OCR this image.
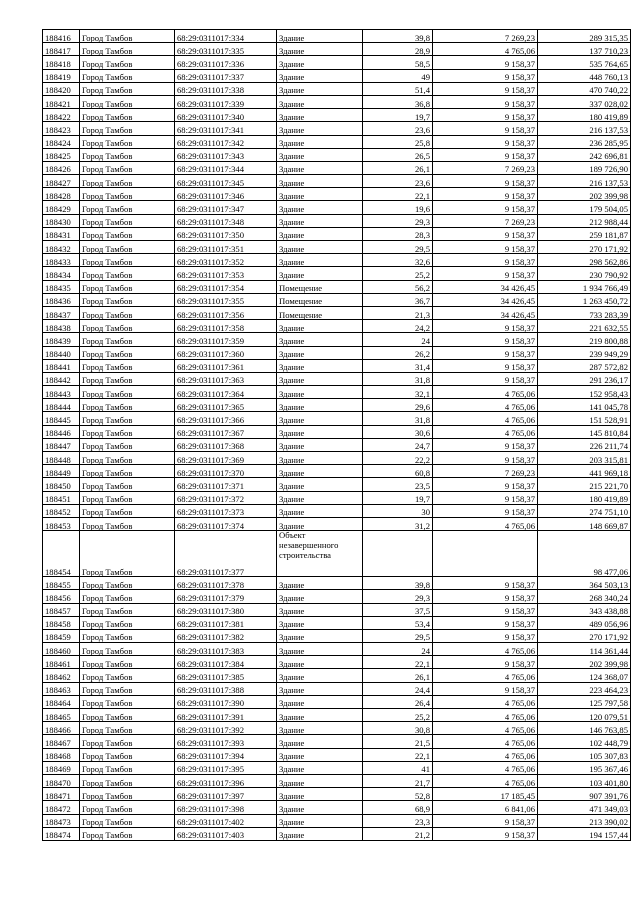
188416	Город Тамбов	68:29:0311017:334	Здание	39,8	7 269,23	289 315,35
188417	Город Тамбов	68:29:0311017:335	Здание	28,9	4 765,06	137 710,23
188418	Город Тамбов	68:29:0311017:336	Здание	58,5	9 158,37	535 764,65
188419	Город Тамбов	68:29:0311017:337	Здание	49	9 158,37	448 760,13
188420	Город Тамбов	68:29:0311017:338	Здание	51,4	9 158,37	470 740,22
188421	Город Тамбов	68:29:0311017:339	Здание	36,8	9 158,37	337 028,02
188422	Город Тамбов	68:29:0311017:340	Здание	19,7	9 158,37	180 419,89
188423	Город Тамбов	68:29:0311017:341	Здание	23,6	9 158,37	216 137,53
188424	Город Тамбов	68:29:0311017:342	Здание	25,8	9 158,37	236 285,95
188425	Город Тамбов	68:29:0311017:343	Здание	26,5	9 158,37	242 696,81
188426	Город Тамбов	68:29:0311017:344	Здание	26,1	7 269,23	189 726,90
188427	Город Тамбов	68:29:0311017:345	Здание	23,6	9 158,37	216 137,53
188428	Город Тамбов	68:29:0311017:346	Здание	22,1	9 158,37	202 399,98
188429	Город Тамбов	68:29:0311017:347	Здание	19,6	9 158,37	179 504,05
188430	Город Тамбов	68:29:0311017:348	Здание	29,3	7 269,23	212 988,44
188431	Город Тамбов	68:29:0311017:350	Здание	28,3	9 158,37	259 181,87
188432	Город Тамбов	68:29:0311017:351	Здание	29,5	9 158,37	270 171,92
188433	Город Тамбов	68:29:0311017:352	Здание	32,6	9 158,37	298 562,86
188434	Город Тамбов	68:29:0311017:353	Здание	25,2	9 158,37	230 790,92
188435	Город Тамбов	68:29:0311017:354	Помещение	56,2	34 426,45	1 934 766,49
188436	Город Тамбов	68:29:0311017:355	Помещение	36,7	34 426,45	1 263 450,72
188437	Город Тамбов	68:29:0311017:356	Помещение	21,3	34 426,45	733 283,39
188438	Город Тамбов	68:29:0311017:358	Здание	24,2	9 158,37	221 632,55
188439	Город Тамбов	68:29:0311017:359	Здание	24	9 158,37	219 800,88
188440	Город Тамбов	68:29:0311017:360	Здание	26,2	9 158,37	239 949,29
188441	Город Тамбов	68:29:0311017:361	Здание	31,4	9 158,37	287 572,82
188442	Город Тамбов	68:29:0311017:363	Здание	31,8	9 158,37	291 236,17
188443	Город Тамбов	68:29:0311017:364	Здание	32,1	4 765,06	152 958,43
188444	Город Тамбов	68:29:0311017:365	Здание	29,6	4 765,06	141 045,78
188445	Город Тамбов	68:29:0311017:366	Здание	31,8	4 765,06	151 528,91
188446	Город Тамбов	68:29:0311017:367	Здание	30,6	4 765,06	145 810,84
188447	Город Тамбов	68:29:0311017:368	Здание	24,7	9 158,37	226 211,74
188448	Город Тамбов	68:29:0311017:369	Здание	22,2	9 158,37	203 315,81
188449	Город Тамбов	68:29:0311017:370	Здание	60,8	7 269,23	441 969,18
188450	Город Тамбов	68:29:0311017:371	Здание	23,5	9 158,37	215 221,70
188451	Город Тамбов	68:29:0311017:372	Здание	19,7	9 158,37	180 419,89
188452	Город Тамбов	68:29:0311017:373	Здание	30	9 158,37	274 751,10
188453	Город Тамбов	68:29:0311017:374	Здание	31,2	4 765,06	148 669,87
188454	Город Тамбов	68:29:0311017:377	Объект незавершенного строительства			98 477,06
188455	Город Тамбов	68:29:0311017:378	Здание	39,8	9 158,37	364 503,13
188456	Город Тамбов	68:29:0311017:379	Здание	29,3	9 158,37	268 340,24
188457	Город Тамбов	68:29:0311017:380	Здание	37,5	9 158,37	343 438,88
188458	Город Тамбов	68:29:0311017:381	Здание	53,4	9 158,37	489 056,96
188459	Город Тамбов	68:29:0311017:382	Здание	29,5	9 158,37	270 171,92
188460	Город Тамбов	68:29:0311017:383	Здание	24	4 765,06	114 361,44
188461	Город Тамбов	68:29:0311017:384	Здание	22,1	9 158,37	202 399,98
188462	Город Тамбов	68:29:0311017:385	Здание	26,1	4 765,06	124 368,07
188463	Город Тамбов	68:29:0311017:388	Здание	24,4	9 158,37	223 464,23
188464	Город Тамбов	68:29:0311017:390	Здание	26,4	4 765,06	125 797,58
188465	Город Тамбов	68:29:0311017:391	Здание	25,2	4 765,06	120 079,51
188466	Город Тамбов	68:29:0311017:392	Здание	30,8	4 765,06	146 763,85
188467	Город Тамбов	68:29:0311017:393	Здание	21,5	4 765,06	102 448,79
188468	Город Тамбов	68:29:0311017:394	Здание	22,1	4 765,06	105 307,83
188469	Город Тамбов	68:29:0311017:395	Здание	41	4 765,06	195 367,46
188470	Город Тамбов	68:29:0311017:396	Здание	21,7	4 765,06	103 401,80
188471	Город Тамбов	68:29:0311017:397	Здание	52,8	17 185,45	907 391,76
188472	Город Тамбов	68:29:0311017:398	Здание	68,9	6 841,06	471 349,03
188473	Город Тамбов	68:29:0311017:402	Здание	23,3	9 158,37	213 390,02
188474	Город Тамбов	68:29:0311017:403	Здание	21,2	9 158,37	194 157,44
